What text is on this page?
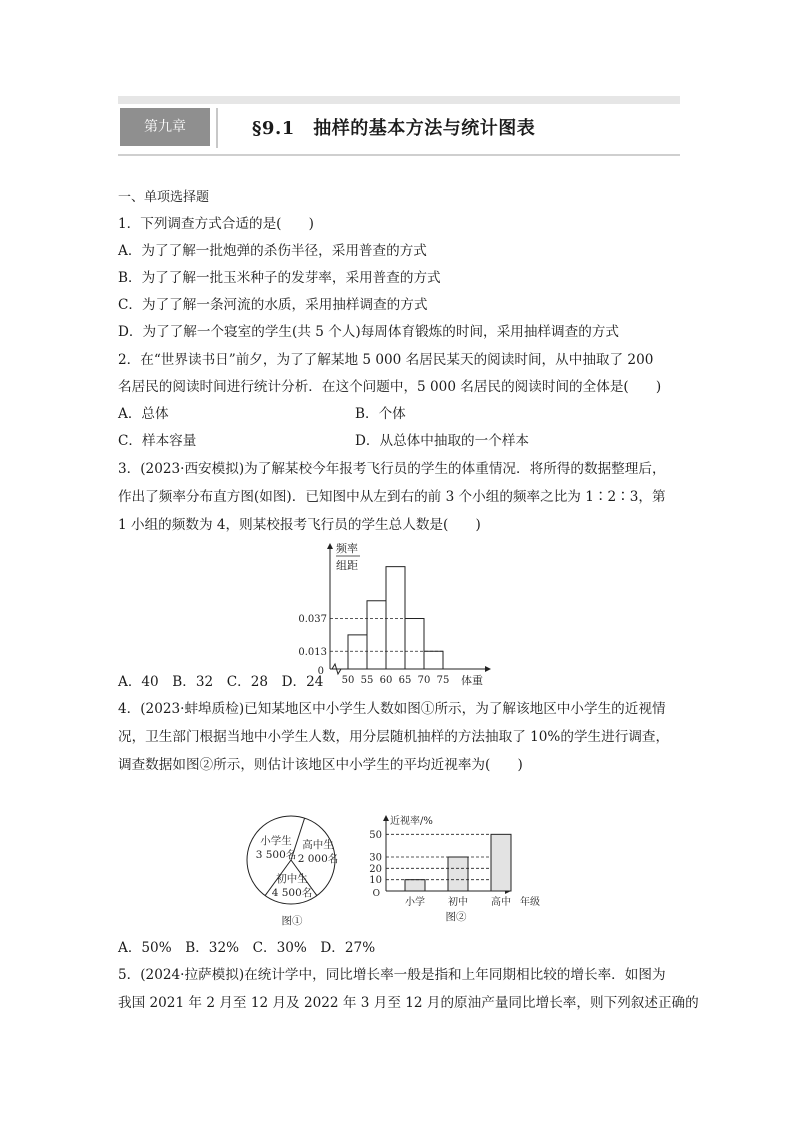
第九章	§9.1　抽样的基本方法与统计图表
一、单项选择题
1．下列调查方式合适的是(　　)
A．为了了解一批炮弹的杀伤半径，采用普查的方式
B．为了了解一批玉米种子的发芽率，采用普查的方式
C．为了了解一条河流的水质，采用抽样调查的方式
D．为了了解一个寝室的学生(共 5 个人)每周体育锻炼的时间，采用抽样调查的方式
2．在“世界读书日”前夕，为了了解某地 5 000 名居民某天的阅读时间，从中抽取了 200
名居民的阅读时间进行统计分析．在这个问题中，5 000 名居民的阅读时间的全体是(　　)
A．总体	B．个体
C．样本容量	D．从总体中抽取的一个样本
3．(2023·西安模拟)为了解某校今年报考飞行员的学生的体重情况．将所得的数据整理后，
作出了频率分布直方图(如图)．已知图中从左到右的前 3 个小组的频率之比为 1∶2∶3，第
1 小组的频数为 4，则某校报考飞行员的学生总人数是(　　)
频率
组距
0
体重
50 55 60 65 70 75
0.013
0.037
A．40　B．32　C．28　D．24
4．(2023·蚌埠质检)已知某地区中小学生人数如图①所示，为了解该地区中小学生的近视情
况，卫生部门根据当地中小学生人数，用分层随机抽样的方法抽取了 10%的学生进行调查，
调查数据如图②所示，则估计该地区中小学生的平均近视率为(　　)
小学生
3 500名
高中生
2 000名
初中生
4 500名
图①
近视率/%
O
年级
图②
小学 初中 高中
10
20
30
50
A．50%　B．32%　C．30%　D．27%
5．(2024·拉萨模拟)在统计学中，同比增长率一般是指和上年同期相比较的增长率．如图为
我国 2021 年 2 月至 12 月及 2022 年 3 月至 12 月的原油产量同比增长率，则下列叙述正确的
